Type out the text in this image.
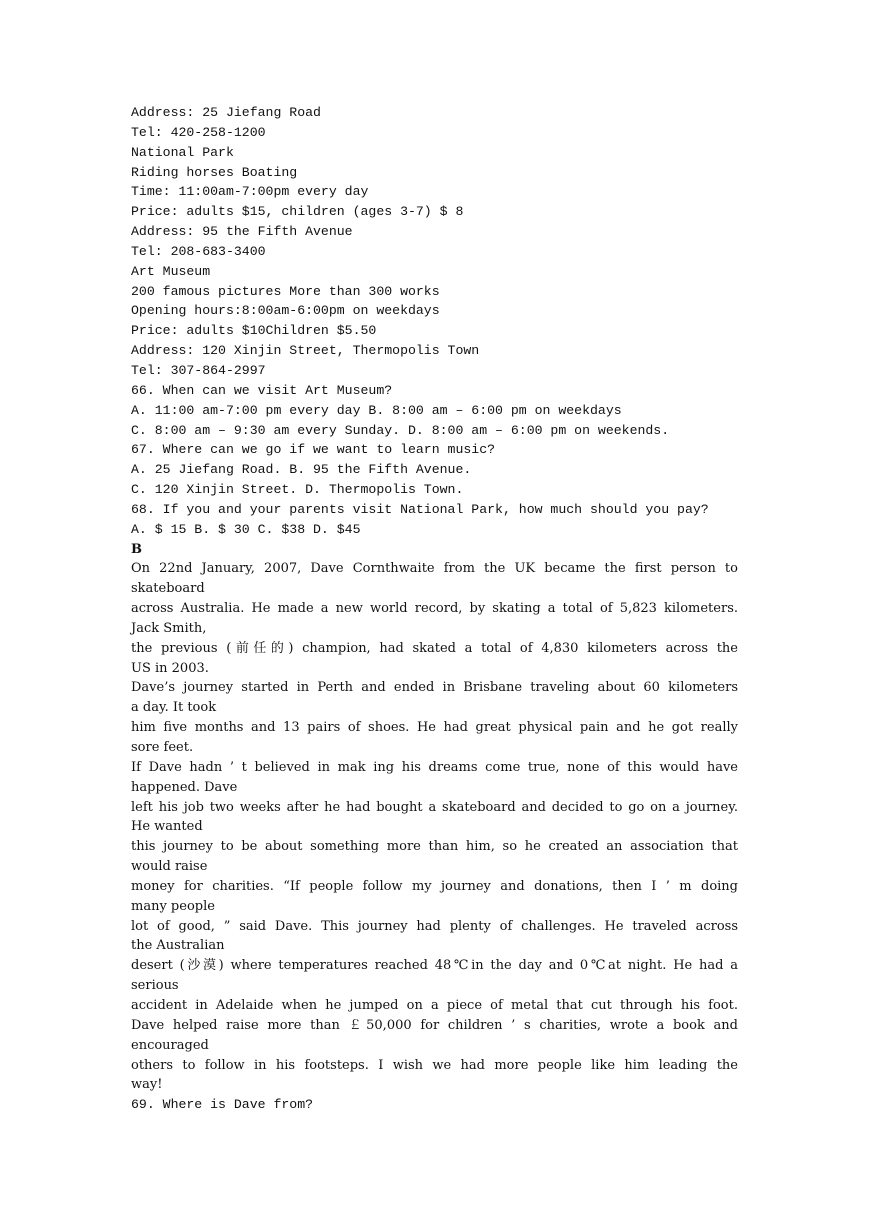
Address: 25 Jiefang Road
Tel: 420-258-1200
National Park
Riding horses Boating
Time: 11:00am-7:00pm every day
Price: adults $15, children (ages 3-7) $ 8
Address: 95 the Fifth Avenue
Tel: 208-683-3400
Art Museum
200 famous pictures More than 300 works
Opening hours:8:00am-6:00pm on weekdays
Price: adults $10Children $5.50
Address: 120 Xinjin Street, Thermopolis Town
Tel: 307-864-2997
66. When can we visit Art Museum?
A. 11:00 am-7:00 pm every day B. 8:00 am – 6:00 pm on weekdays
C. 8:00 am – 9:30 am every Sunday. D. 8:00 am – 6:00 pm on weekends.
67. Where can we go if we want to learn music?
A. 25 Jiefang Road. B. 95 the Fifth Avenue.
C. 120 Xinjin Street. D. Thermopolis Town.
68. If you and your parents visit National Park, how much should you pay?
A. $ 15 B. $ 30 C. $38 D. $45
B
On 22nd January, 2007, Dave Cornthwaite from the UK became the first person to
skateboard
across Australia. He made a new world record, by skating a total of 5,823 kilometers.
Jack Smith,
the previous (前任的) champion, had skated a total of 4,830 kilometers across the
US in 2003.
Dave’s journey started in Perth and ended in Brisbane traveling about 60 kilometers
a day. It took
him five months and 13 pairs of shoes. He had great physical pain and he got really
sore feet.
If Dave hadn ’ t believed in mak ing his dreams come true, none of this would have
happened. Dave
left his job two weeks after he had bought a skateboard and decided to go on a journey.
He wanted
this journey to be about something more than him, so he created an association that
would raise
money for charities. “If people follow my journey and donations, then I ’ m doing
many people
lot of good, ” said Dave. This journey had plenty of challenges. He traveled across
the Australian
desert (沙漠) where temperatures reached 48℃in the day and 0℃at night. He had a
serious
accident in Adelaide when he jumped on a piece of metal that cut through his foot.
Dave helped raise more than ￡50,000 for children ’ s charities, wrote a book and
encouraged
others to follow in his footsteps. I wish we had more people like him leading the
way!
69. Where is Dave from?
